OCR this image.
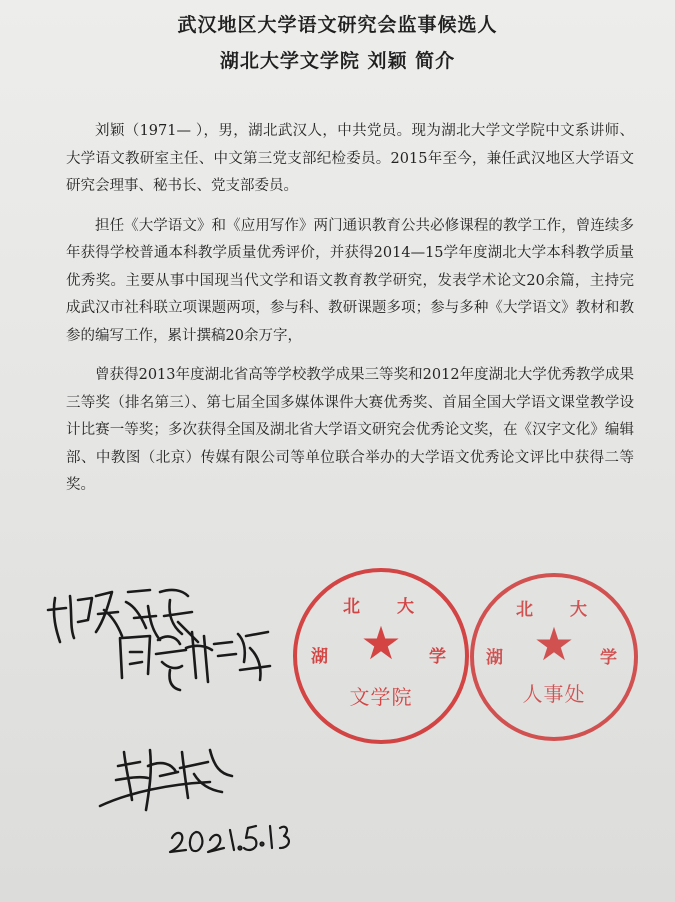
武汉地区大学语文研究会监事候选人
湖北大学文学院 刘颖 简介

刘颖（1971— ），男，湖北武汉人，中共党员。现为湖北大学文学院中文系讲师、大学语文教研室主任、中文第三党支部纪检委员。2015年至今，兼任武汉地区大学语文研究会理事、秘书长、党支部委员。

担任《大学语文》和《应用写作》两门通识教育公共必修课程的教学工作，曾连续多年获得学校普通本科教学质量优秀评价，并获得2014—15学年度湖北大学本科教学质量优秀奖。主要从事中国现当代文学和语文教育教学研究，发表学术论文20余篇，主持完成武汉市社科联立项课题两项，参与科、教研课题多项；参与多种《大学语文》教材和教参的编写工作，累计撰稿20余万字，

曾获得2013年度湖北省高等学校教学成果三等奖和2012年度湖北大学优秀教学成果三等奖（排名第三）、第七届全国多媒体课件大赛优秀奖、首届全国大学语文课堂教学设计比赛一等奖；多次获得全国及湖北省大学语文研究会优秀论文奖，在《汉字文化》编辑部、中教图（北京）传媒有限公司等单位联合举办的大学语文优秀论文评比中获得二等奖。

湖
北 大
学
★
文学院
湖
北 大
学
★
人事处
